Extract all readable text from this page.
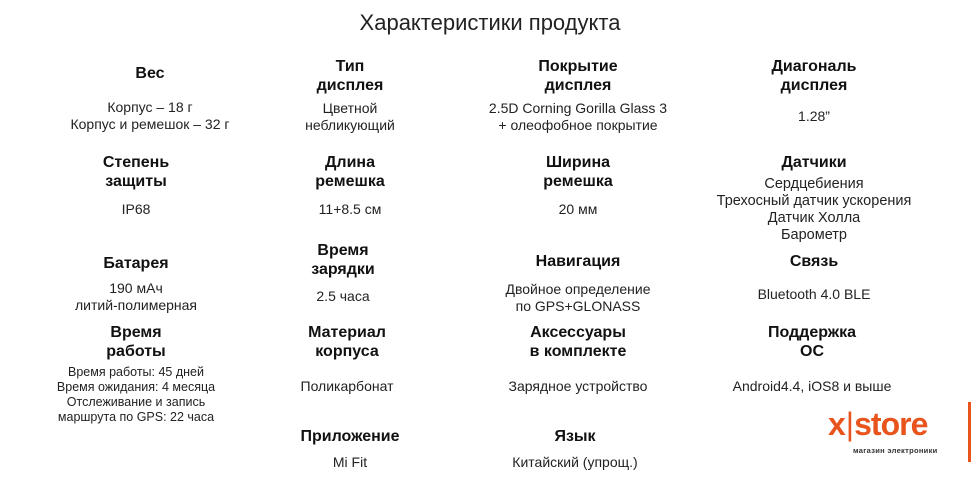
Характеристики продукта
Вес
Корпус – 18 г
Корпус и ремешок – 32 г
Тип
дисплея
Цветной
небликующий
Покрытие
дисплея
2.5D Corning Gorilla Glass 3
+ олеофобное покрытие
Диагональ
дисплея
1.28”
Степень
защиты
IP68
Длина
ремешка
11+8.5 см
Ширина
ремешка
20 мм
Датчики
Сердцебиения
Трехосный датчик ускорения
Датчик Холла
Барометр
Батарея
190 мАч
литий-полимерная
Время
зарядки
2.5 часа
Навигация
Двойное определение
по GPS+GLONASS
Связь
Bluetooth 4.0 BLE
Время
работы
Время работы: 45 дней
Время ожидания: 4 месяца
Отслеживание и запись
маршрута по GPS: 22 часа
Материал
корпуса
Поликарбонат
Аксессуары
в комплекте
Зарядное устройство
Поддержка
ОС
Android4.4, iOS8 и выше
Приложение
Mi Fit
Язык
Китайский (упрощ.)
x|store
магазин электроники
